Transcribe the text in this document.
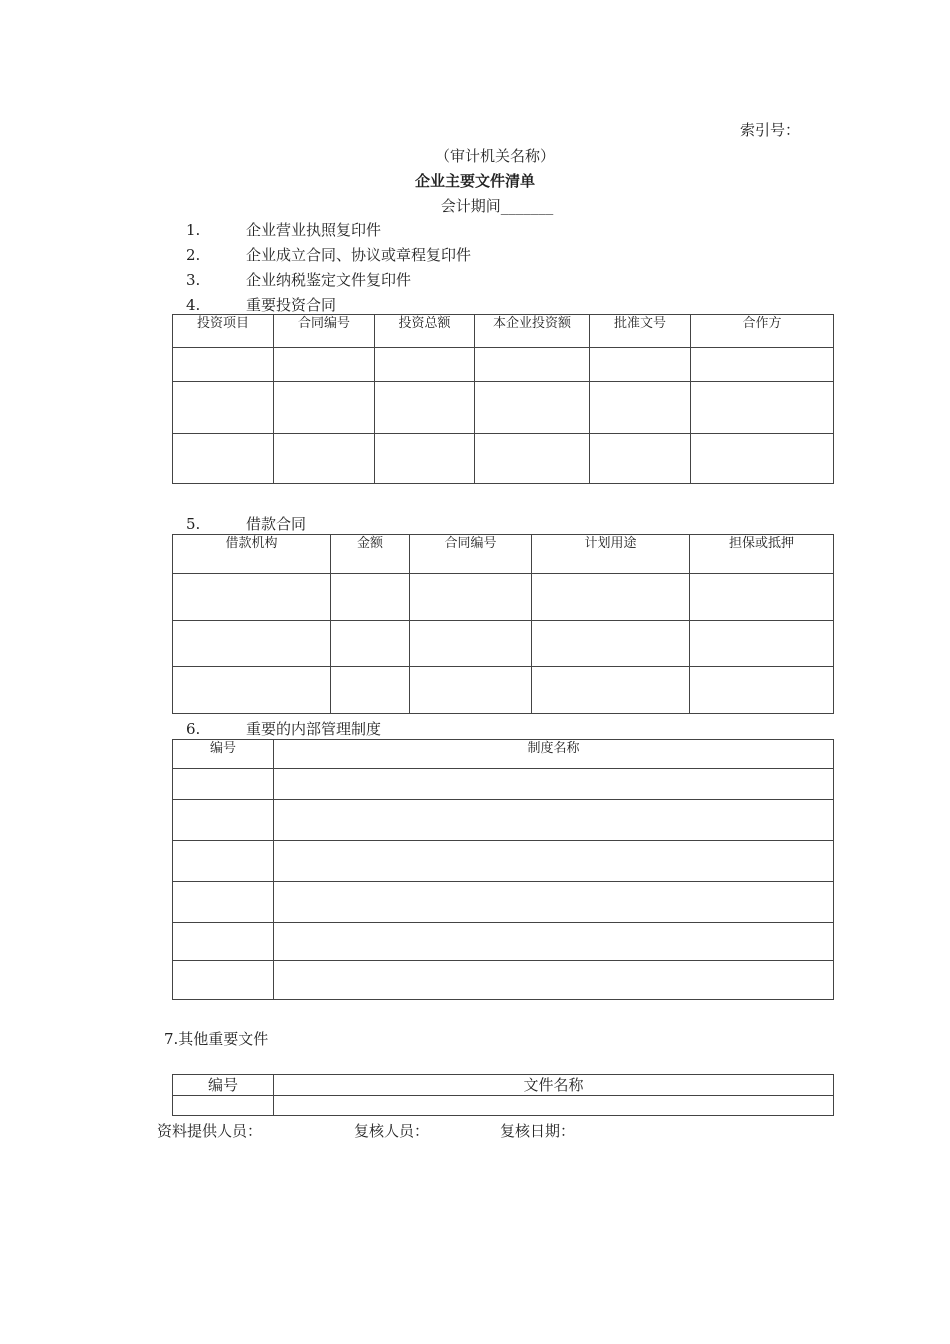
索引号：
（审计机关名称）
企业主要文件清单
会计期间_______
1.	企业营业执照复印件
2.	企业成立合同、协议或章程复印件
3.	企业纳税鉴定文件复印件
4.	重要投资合同
投资项目	合同编号	投资总额	本企业投资额	批准文号	合作方

5.	借款合同
借款机构	金额	合同编号	计划用途	担保或抵押

6.	重要的内部管理制度
编号	制度名称

7.其他重要文件
编号	文件名称

资料提供人员：	复核人员：	复核日期：
